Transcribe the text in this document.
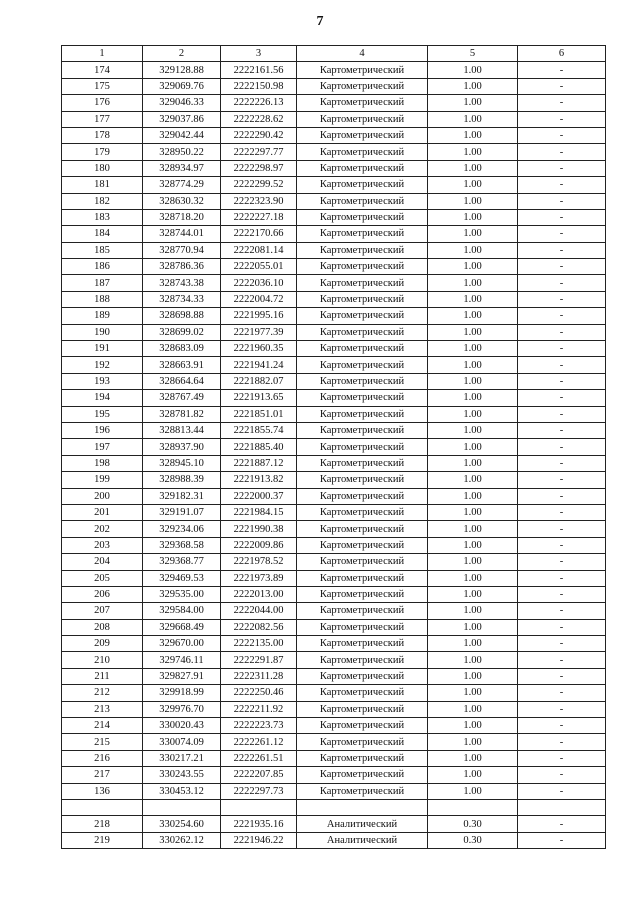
7
1	2	3	4	5	6
174	329128.88	2222161.56	Картометрический	1.00	-
175	329069.76	2222150.98	Картометрический	1.00	-
176	329046.33	2222226.13	Картометрический	1.00	-
177	329037.86	2222228.62	Картометрический	1.00	-
178	329042.44	2222290.42	Картометрический	1.00	-
179	328950.22	2222297.77	Картометрический	1.00	-
180	328934.97	2222298.97	Картометрический	1.00	-
181	328774.29	2222299.52	Картометрический	1.00	-
182	328630.32	2222323.90	Картометрический	1.00	-
183	328718.20	2222227.18	Картометрический	1.00	-
184	328744.01	2222170.66	Картометрический	1.00	-
185	328770.94	2222081.14	Картометрический	1.00	-
186	328786.36	2222055.01	Картометрический	1.00	-
187	328743.38	2222036.10	Картометрический	1.00	-
188	328734.33	2222004.72	Картометрический	1.00	-
189	328698.88	2221995.16	Картометрический	1.00	-
190	328699.02	2221977.39	Картометрический	1.00	-
191	328683.09	2221960.35	Картометрический	1.00	-
192	328663.91	2221941.24	Картометрический	1.00	-
193	328664.64	2221882.07	Картометрический	1.00	-
194	328767.49	2221913.65	Картометрический	1.00	-
195	328781.82	2221851.01	Картометрический	1.00	-
196	328813.44	2221855.74	Картометрический	1.00	-
197	328937.90	2221885.40	Картометрический	1.00	-
198	328945.10	2221887.12	Картометрический	1.00	-
199	328988.39	2221913.82	Картометрический	1.00	-
200	329182.31	2222000.37	Картометрический	1.00	-
201	329191.07	2221984.15	Картометрический	1.00	-
202	329234.06	2221990.38	Картометрический	1.00	-
203	329368.58	2222009.86	Картометрический	1.00	-
204	329368.77	2221978.52	Картометрический	1.00	-
205	329469.53	2221973.89	Картометрический	1.00	-
206	329535.00	2222013.00	Картометрический	1.00	-
207	329584.00	2222044.00	Картометрический	1.00	-
208	329668.49	2222082.56	Картометрический	1.00	-
209	329670.00	2222135.00	Картометрический	1.00	-
210	329746.11	2222291.87	Картометрический	1.00	-
211	329827.91	2222311.28	Картометрический	1.00	-
212	329918.99	2222250.46	Картометрический	1.00	-
213	329976.70	2222211.92	Картометрический	1.00	-
214	330020.43	2222223.73	Картометрический	1.00	-
215	330074.09	2222261.12	Картометрический	1.00	-
216	330217.21	2222261.51	Картометрический	1.00	-
217	330243.55	2222207.85	Картометрический	1.00	-
136	330453.12	2222297.73	Картометрический	1.00	-

218	330254.60	2221935.16	Аналитический	0.30	-
219	330262.12	2221946.22	Аналитический	0.30	-
